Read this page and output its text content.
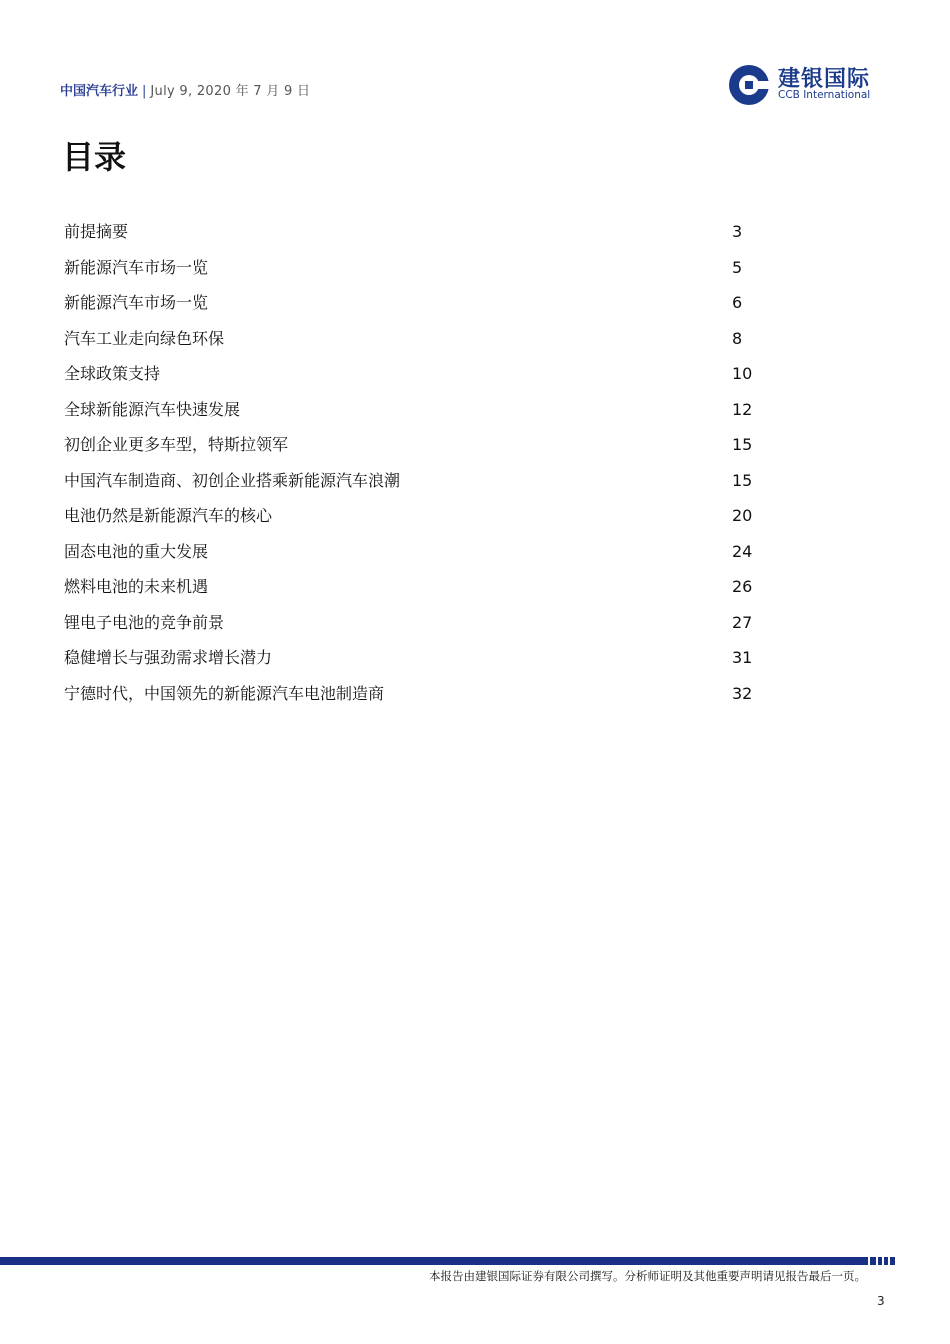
中国汽车行业 | July 9, 2020 年 7 月 9 日	建银国际
CCB International
目录
前提摘要	3
新能源汽车市场一览	5
新能源汽车市场一览	6
汽车工业走向绿色环保	8
全球政策支持	10
全球新能源汽车快速发展	12
初创企业更多车型，特斯拉领军	15
中国汽车制造商、初创企业搭乘新能源汽车浪潮	15
电池仍然是新能源汽车的核心	20
固态电池的重大发展	24
燃料电池的未来机遇	26
锂电子电池的竞争前景	27
稳健增长与强劲需求增长潜力	31
宁德时代，中国领先的新能源汽车电池制造商	32
本报告由建银国际证券有限公司撰写。分析师证明及其他重要声明请见报告最后一页。
3
